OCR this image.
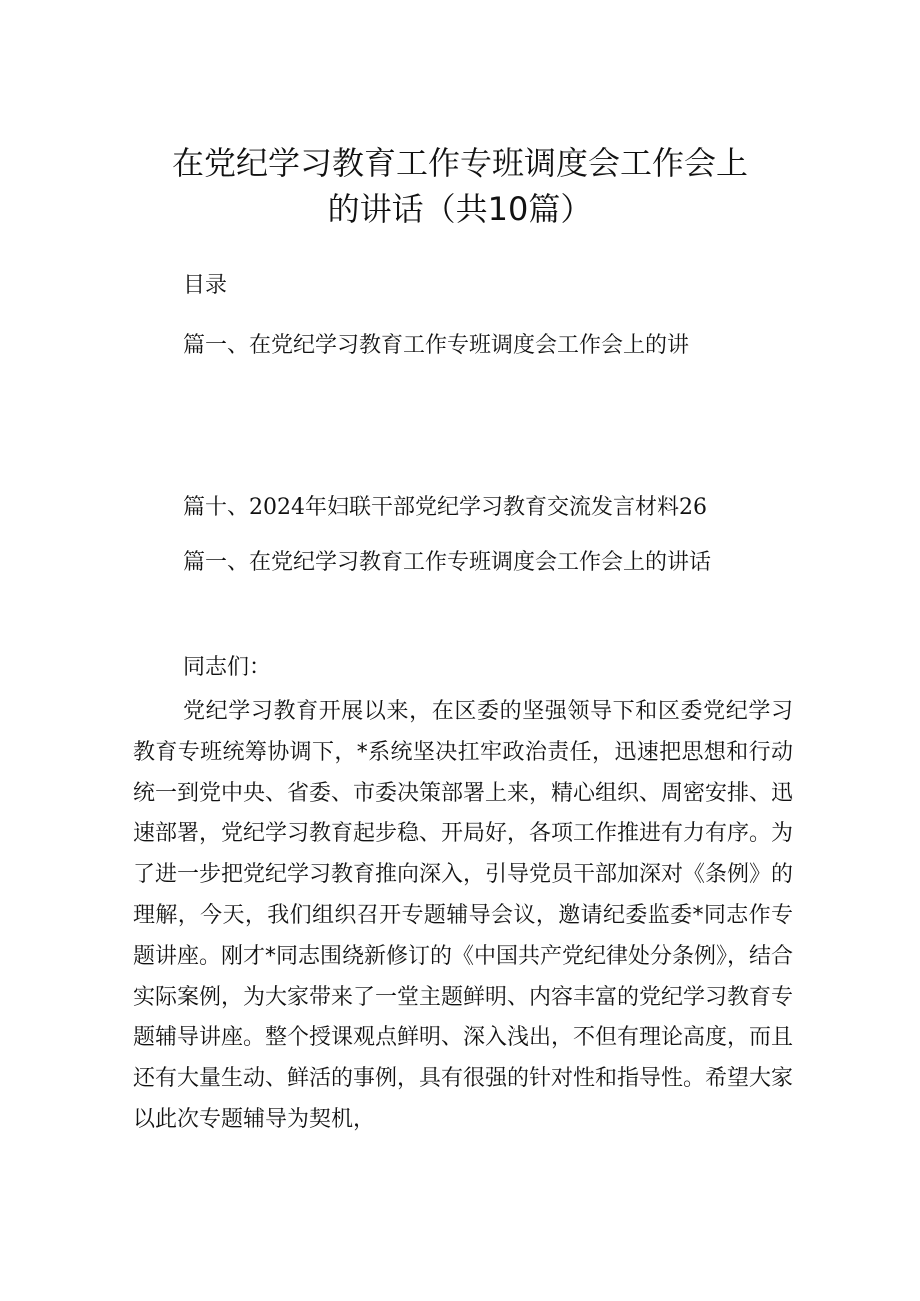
在党纪学习教育工作专班调度会工作会上
的讲话（共10篇）

目录

篇一、在党纪学习教育工作专班调度会工作会上的讲

篇十、2024年妇联干部党纪学习教育交流发言材料26

篇一、在党纪学习教育工作专班调度会工作会上的讲话

同志们：

党纪学习教育开展以来，在区委的坚强领导下和区委党纪学习教育专班统筹协调下，*系统坚决扛牢政治责任，迅速把思想和行动统一到党中央、省委、市委决策部署上来，精心组织、周密安排、迅速部署，党纪学习教育起步稳、开局好，各项工作推进有力有序。为了进一步把党纪学习教育推向深入，引导党员干部加深对《条例》的理解，今天，我们组织召开专题辅导会议，邀请纪委监委*同志作专题讲座。刚才*同志围绕新修订的《中国共产党纪律处分条例》，结合实际案例，为大家带来了一堂主题鲜明、内容丰富的党纪学习教育专题辅导讲座。整个授课观点鲜明、深入浅出，不但有理论高度，而且还有大量生动、鲜活的事例，具有很强的针对性和指导性。希望大家以此次专题辅导为契机，
